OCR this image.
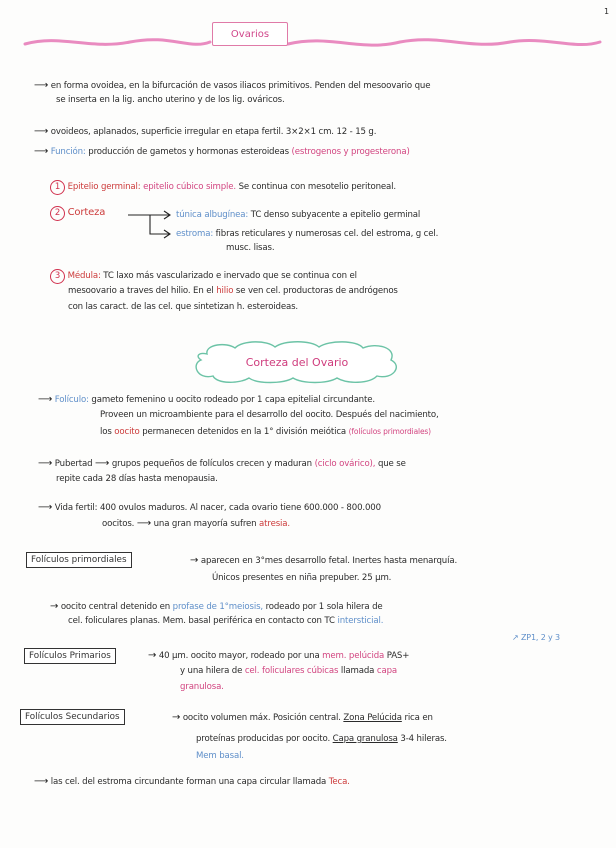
1
Ovarios
⟶ en forma ovoidea, en la bifurcación de vasos iliacos primitivos. Penden del mesoovario que
se inserta en la lig. ancho uterino y de los lig. ováricos.
⟶ ovoideos, aplanados, superficie irregular en etapa fertil. 3×2×1 cm. 12 - 15 g.
⟶ Función: producción de gametos y hormonas esteroideas (estrogenos y progesterona)
1 Epitelio germinal: epitelio cúbico simple. Se continua con mesotelio peritoneal.
2 Corteza	túnica albugínea: TC denso subyacente a epitelio germinal
estroma: fibras reticulares y numerosas cel. del estroma, g cel.
musc. lisas.
3 Médula: TC laxo más vascularizado e inervado que se continua con el
mesoovario a traves del hilio. En el hilio se ven cel. productoras de andrógenos
con las caract. de las cel. que sintetizan h. esteroideas.
Corteza del Ovario
⟶ Folículo: gameto femenino u oocito rodeado por 1 capa epitelial circundante.
Proveen un microambiente para el desarrollo del oocito. Después del nacimiento,
los oocito permanecen detenidos en la 1° división meiótica (folículos primordiales)
⟶ Pubertad ⟶ grupos pequeños de folículos crecen y maduran (ciclo ovárico), que se
repite cada 28 días hasta menopausia.
⟶ Vida fertil: 400 ovulos maduros. Al nacer, cada ovario tiene 600.000 - 800.000
oocitos. ⟶ una gran mayoría sufren atresia.
Folículos primordiales	→ aparecen en 3°mes desarrollo fetal. Inertes hasta menarquía.
Únicos presentes en niña prepuber. 25 µm.
→ oocito central detenido en profase de 1°meiosis, rodeado por 1 sola hilera de
cel. foliculares planas. Mem. basal periférica en contacto con TC intersticial.
↗ ZP1, 2 y 3
Folículos Primarios	→ 40 µm. oocito mayor, rodeado por una mem. pelúcida PAS+
y una hilera de cel. foliculares cúbicas llamada capa
granulosa.
Folículos Secundarios	→ oocito volumen máx. Posición central. Zona Pelúcida rica en
proteínas producidas por oocito. Capa granulosa 3-4 hileras.
Mem basal.
⟶ las cel. del estroma circundante forman una capa circular llamada Teca.
